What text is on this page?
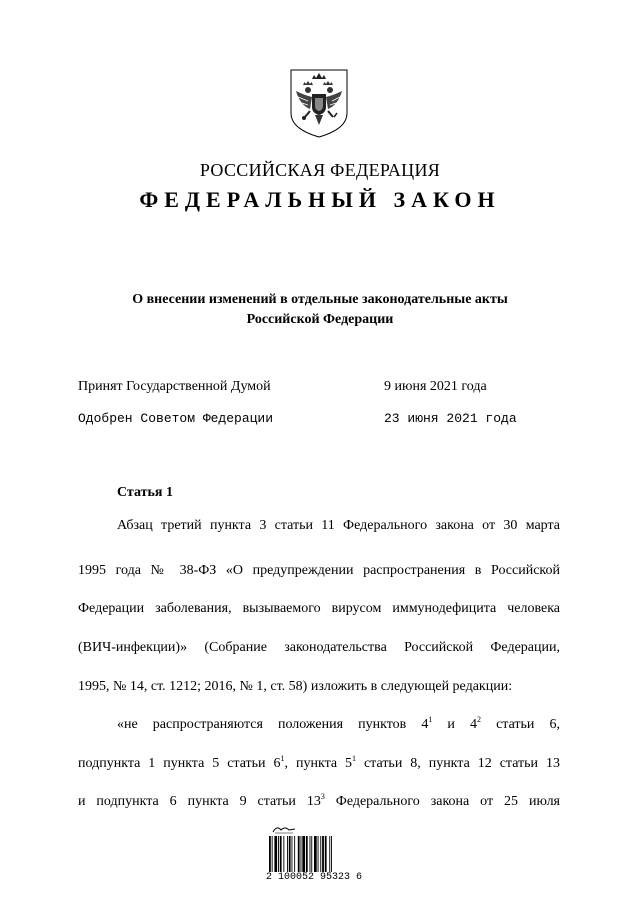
РОССИЙСКАЯ ФЕДЕРАЦИЯ
ФЕДЕРАЛЬНЫЙ ЗАКОН
О внесении изменений в отдельные законодательные акты
Российской Федерации
Принят Государственной Думой	9 июня 2021 года
Одобрен Советом Федерации	23 июня 2021 года
Статья 1
Абзац третий пункта 3 статьи 11 Федерального закона от 30 марта
1995 года № 38-ФЗ «О предупреждении распространения в Российской
Федерации заболевания, вызываемого вирусом иммунодефицита человека
(ВИЧ-инфекции)» (Собрание законодательства Российской Федерации,
1995, № 14, ст. 1212; 2016, № 1, ст. 58) изложить в следующей редакции:
«не распространяются положения пунктов $4^1$ и $4^2$ статьи 6,
подпункта 1 пункта 5 статьи $6^1$, пункта $5^1$ статьи 8, пункта 12 статьи 13
и подпункта 6 пункта 9 статьи $13^3$ Федерального закона от 25 июля
2 100052 95323 6
